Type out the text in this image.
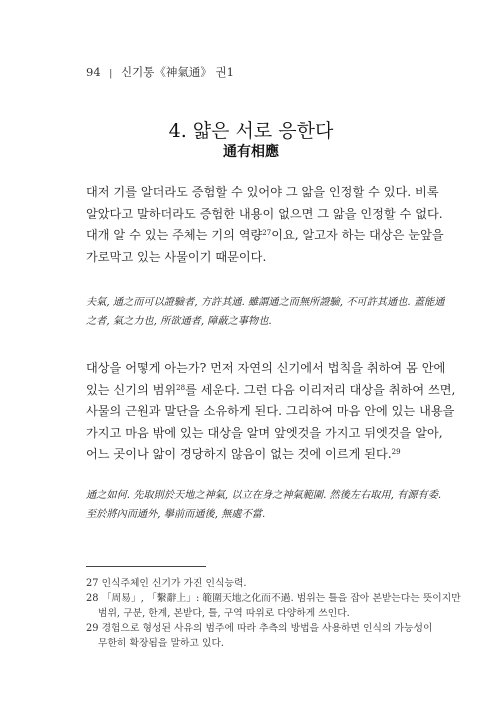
94 | 신기통《神氣通》 권1
4. 얇은 서로 응한다
通有相應
대저 기를 알더라도 증험할 수 있어야 그 앎을 인정할 수 있다. 비록
알았다고 말하더라도 증험한 내용이 없으면 그 앎을 인정할 수 없다.
대개 알 수 있는 주체는 기의 역량$^{27}$이요, 알고자 하는 대상은 눈앞을
가로막고 있는 사물이기 때문이다.
夫氣, 通之而可以證驗者, 方許其通. 雖謂通之而無所證驗, 不可許其通也. 蓋能通
之者, 氣之力也, 所欲通者, 障蔽之事物也.
대상을 어떻게 아는가? 먼저 자연의 신기에서 법칙을 취하여 몸 안에
있는 신기의 범위$^{28}$를 세운다. 그런 다음 이리저리 대상을 취하여 쓰면,
사물의 근원과 말단을 소유하게 된다. 그리하여 마음 안에 있는 내용을
가지고 마음 밖에 있는 대상을 알며 앞엣것을 가지고 뒤엣것을 알아,
어느 곳이나 앎이 경당하지 않음이 없는 것에 이르게 된다.$^{29}$
通之如何. 先取則於天地之神氣, 以立在身之神氣範圍. 然後左右取用, 有源有委.
至於將內而通外, 擧前而通後, 無處不當.
27 인식주체인 신기가 가진 인식능력.
28 「周易」, 「繫辭上」: 範圍天地之化而不過. 범위는 틀을 잡아 본받는다는 뜻이지만
범위, 구분, 한계, 본받다, 틀, 구역 따위로 다양하게 쓰인다.
29 경험으로 형성된 사유의 범주에 따라 추측의 방법을 사용하면 인식의 가능성이
무한히 확장됨을 말하고 있다.
